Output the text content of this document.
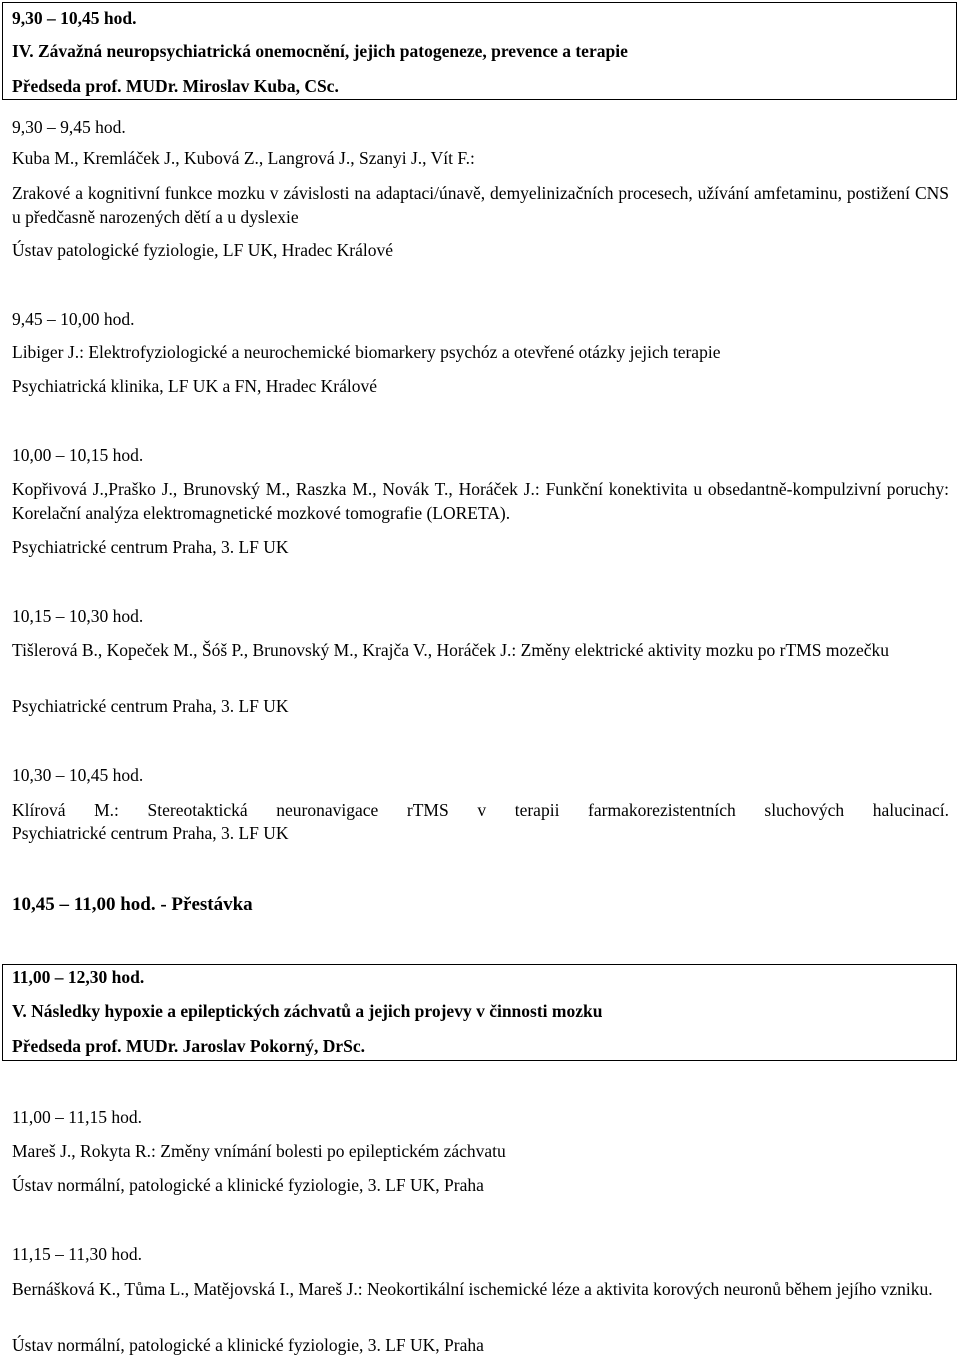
9,30 – 10,45 hod.
IV. Závažná neuropsychiatrická onemocnění, jejich patogeneze, prevence a terapie
Předseda prof. MUDr. Miroslav Kuba, CSc.
9,30 – 9,45 hod.
Kuba M., Kremláček J., Kubová Z., Langrová J., Szanyi J., Vít F.:
Zrakové a kognitivní funkce mozku v závislosti na adaptaci/únavě, demyelinizačních procesech, užívání amfetaminu, postižení CNS u předčasně narozených dětí a u dyslexie
Ústav patologické fyziologie, LF UK, Hradec Králové
9,45 – 10,00 hod.
Libiger J.: Elektrofyziologické a neurochemické biomarkery psychóz a otevřené otázky jejich terapie
Psychiatrická klinika, LF UK a FN, Hradec Králové
10,00 – 10,15 hod.
Kopřivová J.,Praško J., Brunovský M., Raszka M., Novák T., Horáček J.: Funkční konektivita u obsedantně-kompulzivní poruchy: Korelační analýza elektromagnetické mozkové tomografie (LORETA).
Psychiatrické centrum Praha, 3. LF UK
10,15 – 10,30 hod.
Tišlerová B., Kopeček M., Šóš P., Brunovský M., Krajča V., Horáček J.: Změny elektrické aktivity mozku po rTMS mozečku
Psychiatrické centrum Praha, 3. LF UK
10,30 – 10,45 hod.
Klírová M.: Stereotaktická neuronavigace rTMS v terapii farmakorezistentních sluchových halucinací.
Psychiatrické centrum Praha, 3. LF UK
10,45 – 11,00 hod. - Přestávka
11,00 – 12,30 hod.
V. Následky hypoxie a epileptických záchvatů a jejich projevy v činnosti mozku
Předseda prof. MUDr. Jaroslav Pokorný, DrSc.
11,00 – 11,15 hod.
Mareš J., Rokyta R.: Změny vnímání bolesti po epileptickém záchvatu
Ústav normální, patologické a klinické fyziologie, 3. LF UK, Praha
11,15 – 11,30 hod.
Bernášková K., Tůma L., Matějovská I., Mareš J.: Neokortikální ischemické léze a aktivita korových neuronů během jejího vzniku.
Ústav normální, patologické a klinické fyziologie, 3. LF UK, Praha
